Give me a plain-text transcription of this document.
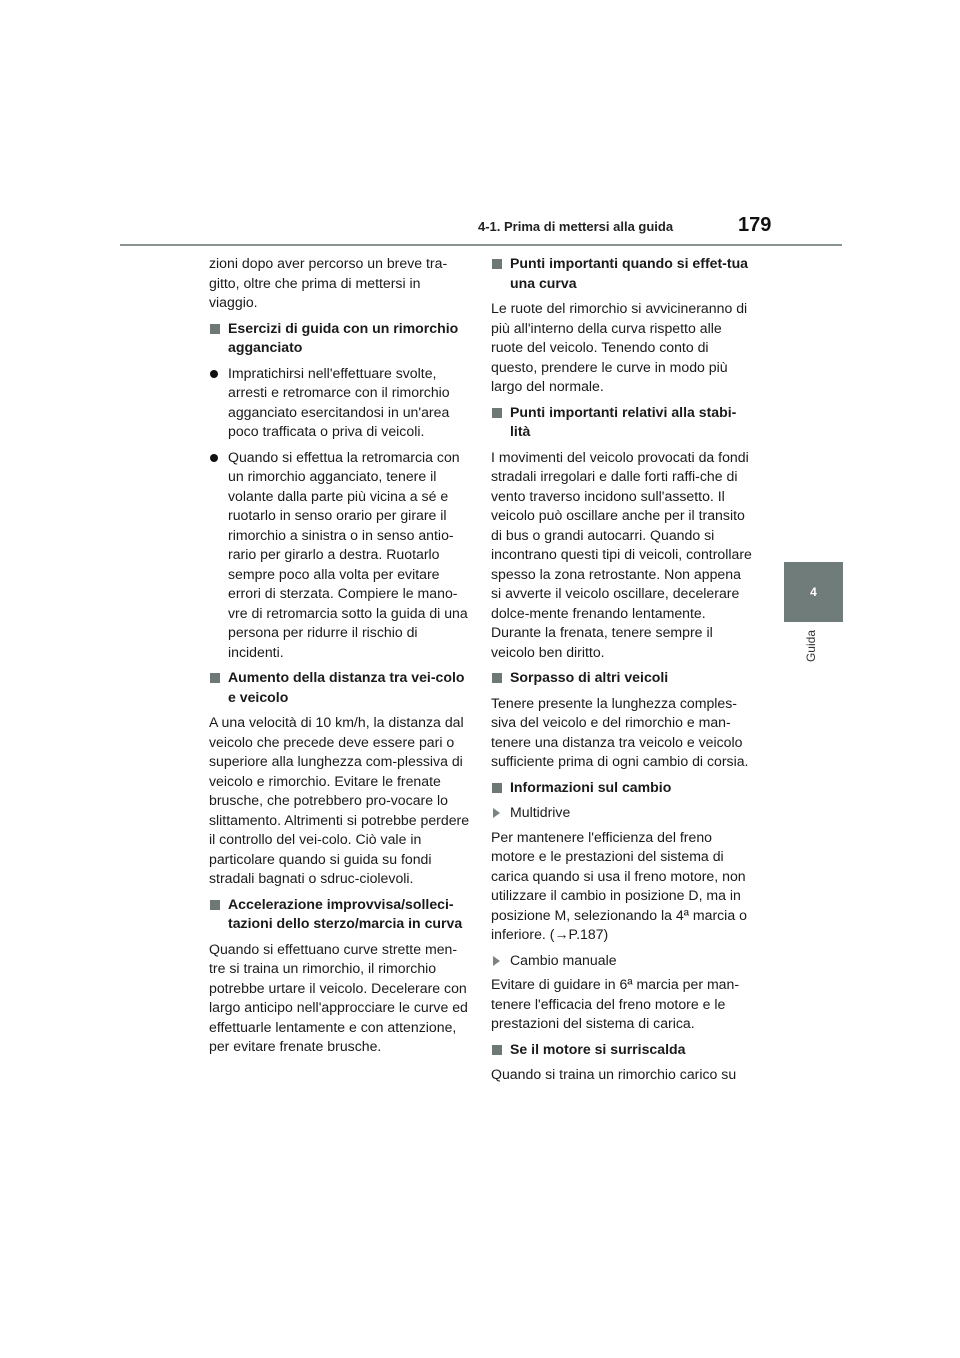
4-1. Prima di mettersi alla guida	179
4
Guida
zioni dopo aver percorso un breve tra-gitto, oltre che prima di mettersi in viaggio.
Esercizi di guida con un rimorchio agganciato
Impratichirsi nell'effettuare svolte, arresti e retromarce con il rimorchio agganciato esercitandosi in un'area poco trafficata o priva di veicoli.
Quando si effettua la retromarcia con un rimorchio agganciato, tenere il volante dalla parte più vicina a sé e ruotarlo in senso orario per girare il rimorchio a sinistra o in senso antio-rario per girarlo a destra. Ruotarlo sempre poco alla volta per evitare errori di sterzata. Compiere le mano-vre di retromarcia sotto la guida di una persona per ridurre il rischio di incidenti.
Aumento della distanza tra vei-colo e veicolo
A una velocità di 10 km/h, la distanza dal veicolo che precede deve essere pari o superiore alla lunghezza com-plessiva di veicolo e rimorchio. Evitare le frenate brusche, che potrebbero pro-vocare lo slittamento. Altrimenti si potrebbe perdere il controllo del vei-colo. Ciò vale in particolare quando si guida su fondi stradali bagnati o sdruc-ciolevoli.
Accelerazione improvvisa/solleci-tazioni dello sterzo/marcia in curva
Quando si effettuano curve strette men-tre si traina un rimorchio, il rimorchio potrebbe urtare il veicolo. Decelerare con largo anticipo nell'approcciare le curve ed effettuarle lentamente e con attenzione, per evitare frenate brusche.
Punti importanti quando si effet-tua una curva
Le ruote del rimorchio si avvicineranno di più all'interno della curva rispetto alle ruote del veicolo. Tenendo conto di questo, prendere le curve in modo più largo del normale.
Punti importanti relativi alla stabi-lità
I movimenti del veicolo provocati da fondi stradali irregolari e dalle forti raffi-che di vento traverso incidono sull'assetto. Il veicolo può oscillare anche per il transito di bus o grandi autocarri. Quando si incontrano questi tipi di veicoli, controllare spesso la zona retrostante. Non appena si avverte il veicolo oscillare, decelerare dolce-mente frenando lentamente. Durante la frenata, tenere sempre il veicolo ben diritto.
Sorpasso di altri veicoli
Tenere presente la lunghezza comples-siva del veicolo e del rimorchio e man-tenere una distanza tra veicolo e veicolo sufficiente prima di ogni cambio di corsia.
Informazioni sul cambio
Multidrive
Per mantenere l'efficienza del freno motore e le prestazioni del sistema di carica quando si usa il freno motore, non utilizzare il cambio in posizione D, ma in posizione M, selezionando la 4ª marcia o inferiore. (→P.187)
Cambio manuale
Evitare di guidare in 6ª marcia per man-tenere l'efficacia del freno motore e le prestazioni del sistema di carica.
Se il motore si surriscalda
Quando si traina un rimorchio carico su
